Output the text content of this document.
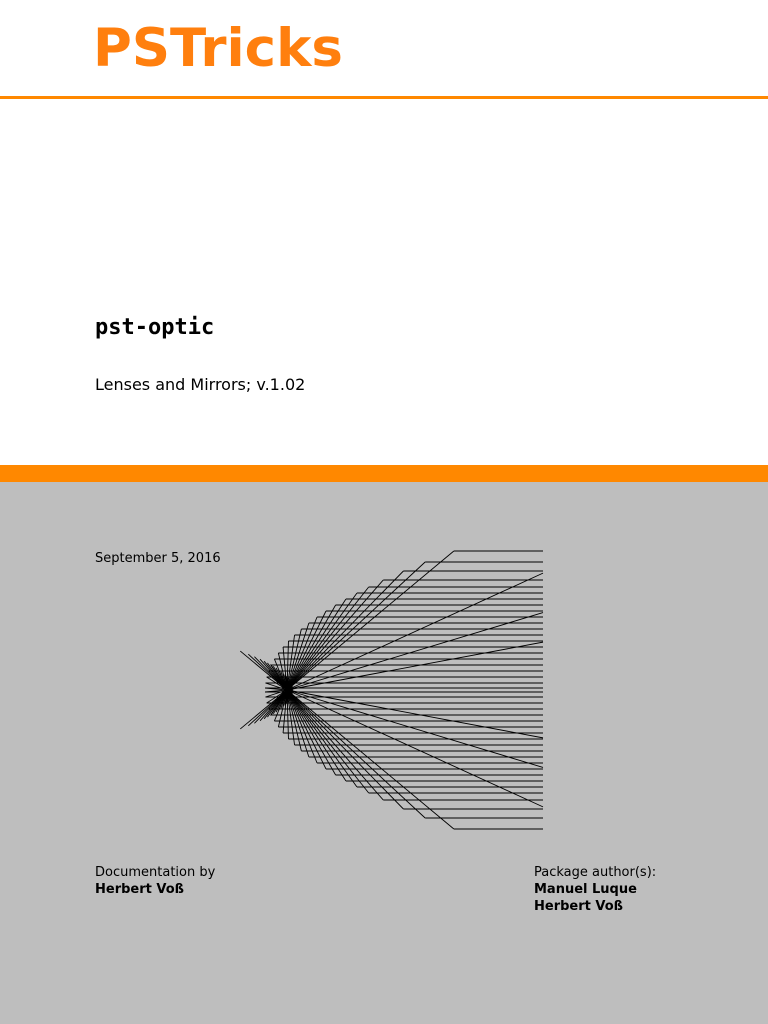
PSTricks
pst-optic
Lenses and Mirrors; v.1.02
September 5, 2016
Documentation by
Herbert Voß
Package author(s):
Manuel Luque
Herbert Voß
